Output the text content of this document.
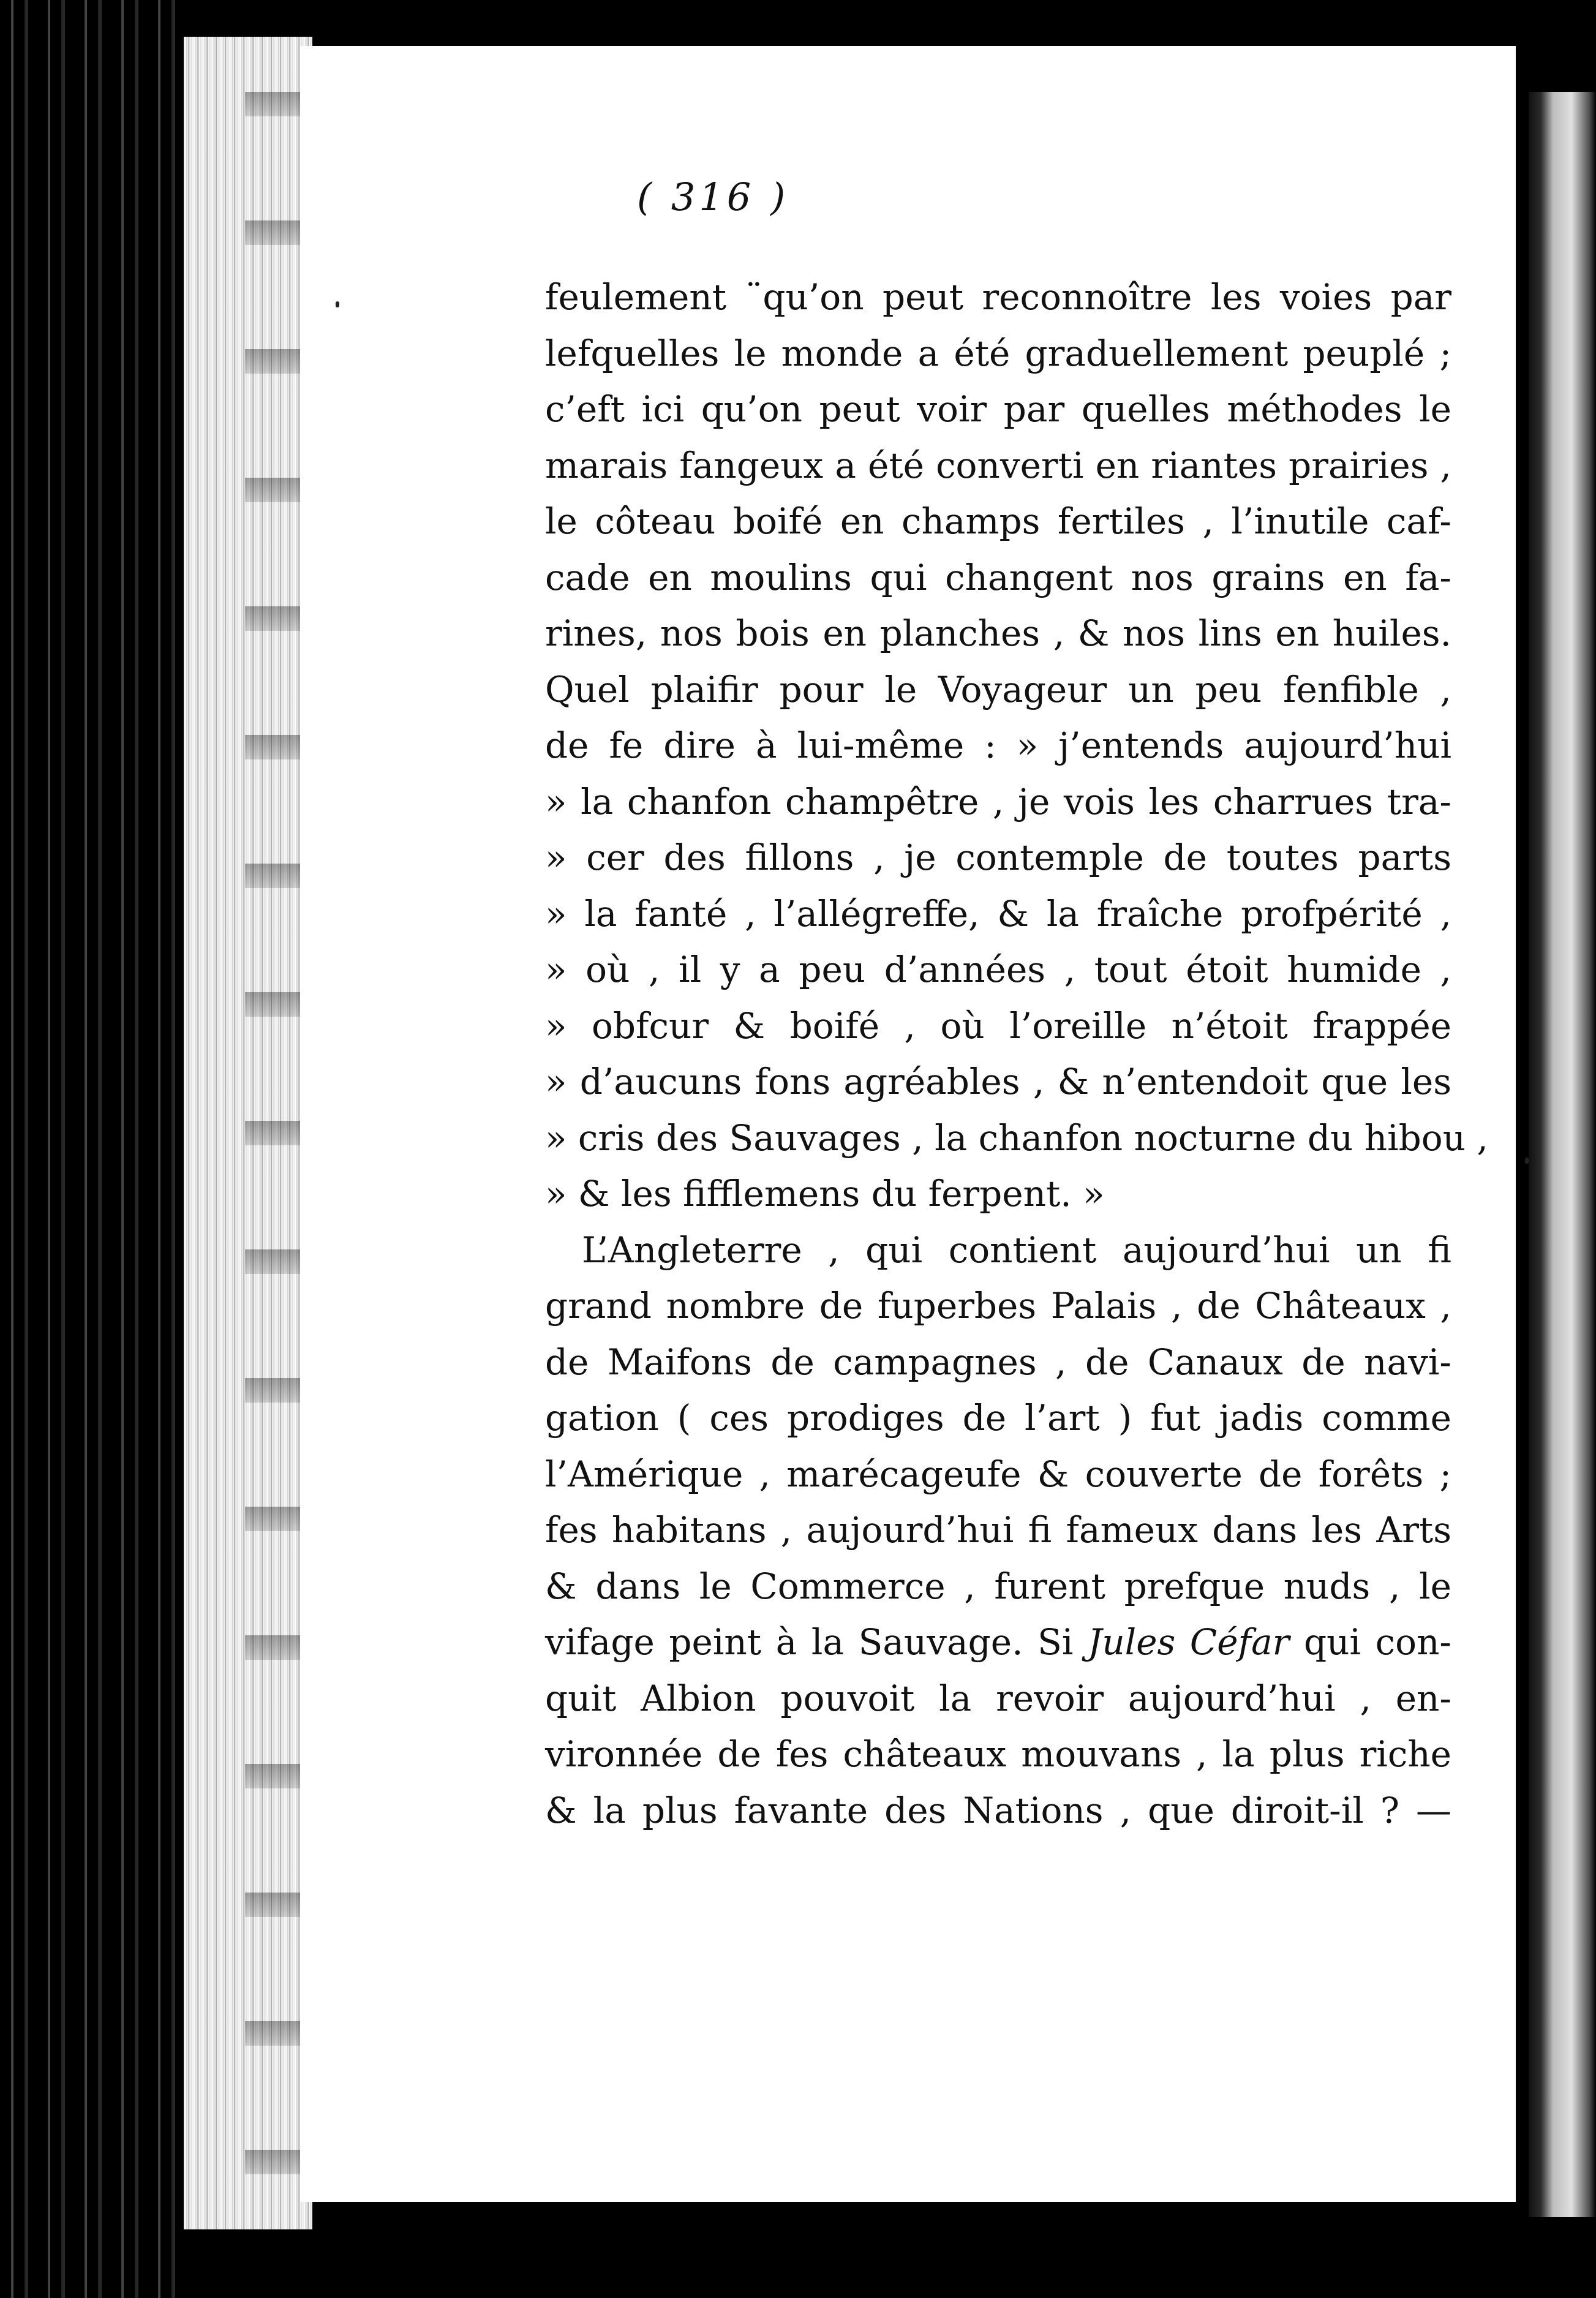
( 316 )
feulement ¨qu’on peut reconnoître les voies par
lefquelles le monde a été graduellement peuplé ;
c’eft ici qu’on peut voir par quelles méthodes le
marais fangeux a été converti en riantes prairies ,
le côteau boifé en champs fertiles , l’inutile caf-
cade en moulins qui changent nos grains en fa-
rines, nos bois en planches , & nos lins en huiles.
Quel plaifir pour le Voyageur un peu fenfible ,
de fe dire à lui-même : » j’entends aujourd’hui
» la chanfon champêtre , je vois les charrues tra-
» cer des fillons , je contemple de toutes parts
» la fanté , l’allégreffe, & la fraîche profpérité ,
» où , il y a peu d’années , tout étoit humide ,
» obfcur & boifé , où l’oreille n’étoit frappée
» d’aucuns fons agréables , & n’entendoit que les
» cris des Sauvages , la chanfon nocturne du hibou ,
» & les fifflemens du ferpent. »
L’Angleterre , qui contient aujourd’hui un fi
grand nombre de fuperbes Palais , de Châteaux ,
de Maifons de campagnes , de Canaux de navi-
gation ( ces prodiges de l’art ) fut jadis comme
l’Amérique , marécageufe & couverte de forêts ;
fes habitans , aujourd’hui fi fameux dans les Arts
& dans le Commerce , furent prefque nuds , le
vifage peint à la Sauvage. Si Jules Céfar qui con-
quit Albion pouvoit la revoir aujourd’hui , en-
vironnée de fes châteaux mouvans , la plus riche
& la plus favante des Nations , que diroit-il ? —
